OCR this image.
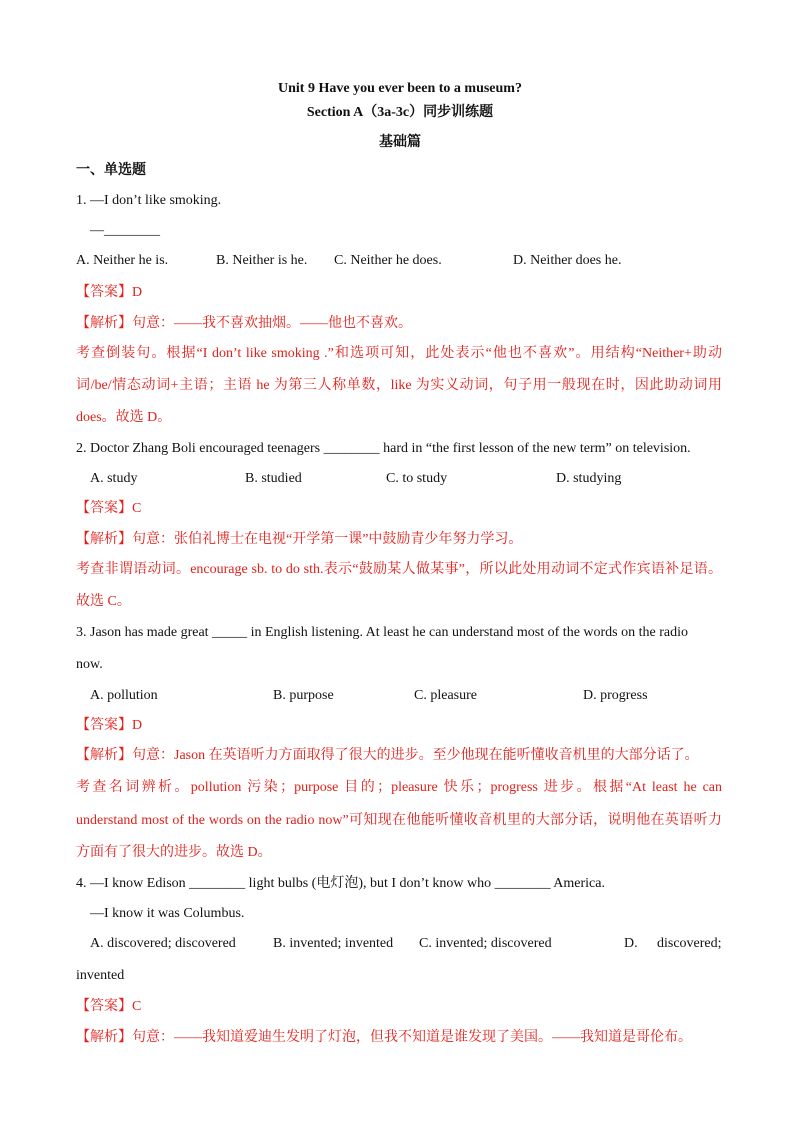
Unit 9 Have you ever been to a museum?
Section A（3a-3c）同步训练题
基础篇
一、单选题
1. —I don’t like smoking.
—________
A. Neither he is.	B. Neither is he. C. Neither he does.	D. Neither does he.
【答案】D
【解析】句意：——我不喜欢抽烟。——他也不喜欢。
考查倒装句。根据“I don’t like smoking .”和选项可知，此处表示“他也不喜欢”。用结构“Neither+助动
词/be/情态动词+主语；主语 he 为第三人称单数，like 为实义动词，句子用一般现在时，因此助动词用
does。故选 D。
2. Doctor Zhang Boli encouraged teenagers ________ hard in “the first lesson of the new term” on television.
A. study	B. studied	C. to study	D. studying
【答案】C
【解析】句意：张伯礼博士在电视“开学第一课”中鼓励青少年努力学习。
考查非谓语动词。encourage sb. to do sth.表示“鼓励某人做某事”，所以此处用动词不定式作宾语补足语。
故选 C。
3. Jason has made great _____ in English listening. At least he can understand most of the words on the radio
now.
A. pollution	B. purpose	C. pleasure	D. progress
【答案】D
【解析】句意：Jason 在英语听力方面取得了很大的进步。至少他现在能听懂收音机里的大部分话了。
考查名词辨析。pollution 污染；purpose 目的；pleasure 快乐；progress 进步。根据“At least he can
understand most of the words on the radio now”可知现在他能听懂收音机里的大部分话，说明他在英语听力
方面有了很大的进步。故选 D。
4. —I know Edison ________ light bulbs (电灯泡), but I don’t know who ________ America.
—I know it was Columbus.
A. discovered; discovered	B. invented; invented C. invented; discovered	D. discovered;
invented
【答案】C
【解析】句意：——我知道爱迪生发明了灯泡，但我不知道是谁发现了美国。——我知道是哥伦布。
